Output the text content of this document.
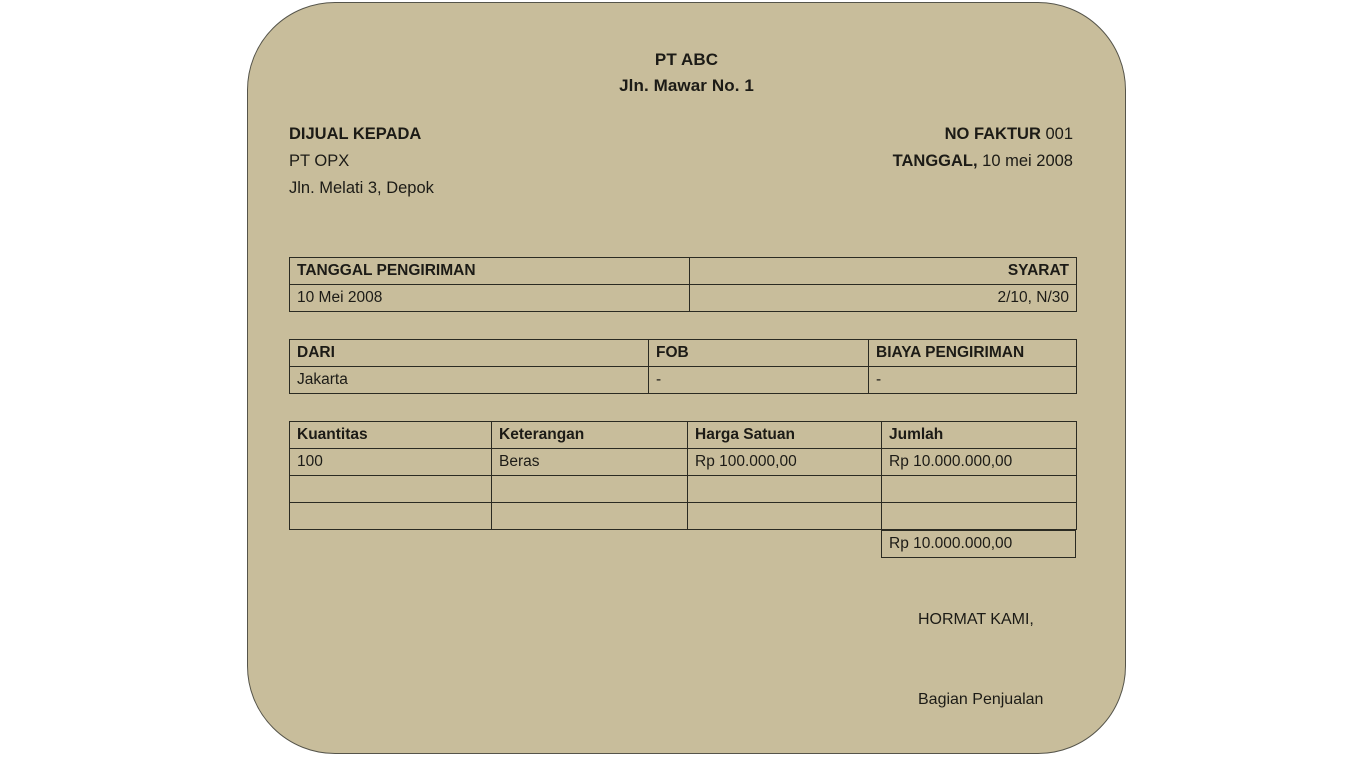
PT ABC
Jln. Mawar No. 1
DIJUAL KEPADA
PT OPX
Jln. Melati 3, Depok
NO FAKTUR 001
TANGGAL, 10 mei 2008
TANGGAL PENGIRIMAN	SYARAT
10 Mei 2008	2/10, N/30
DARI	FOB	BIAYA PENGIRIMAN
Jakarta	-	-
Kuantitas	Keterangan	Harga Satuan	Jumlah
100	Beras	Rp 100.000,00	Rp 10.000.000,00

Rp 10.000.000,00
HORMAT KAMI,
Bagian Penjualan
